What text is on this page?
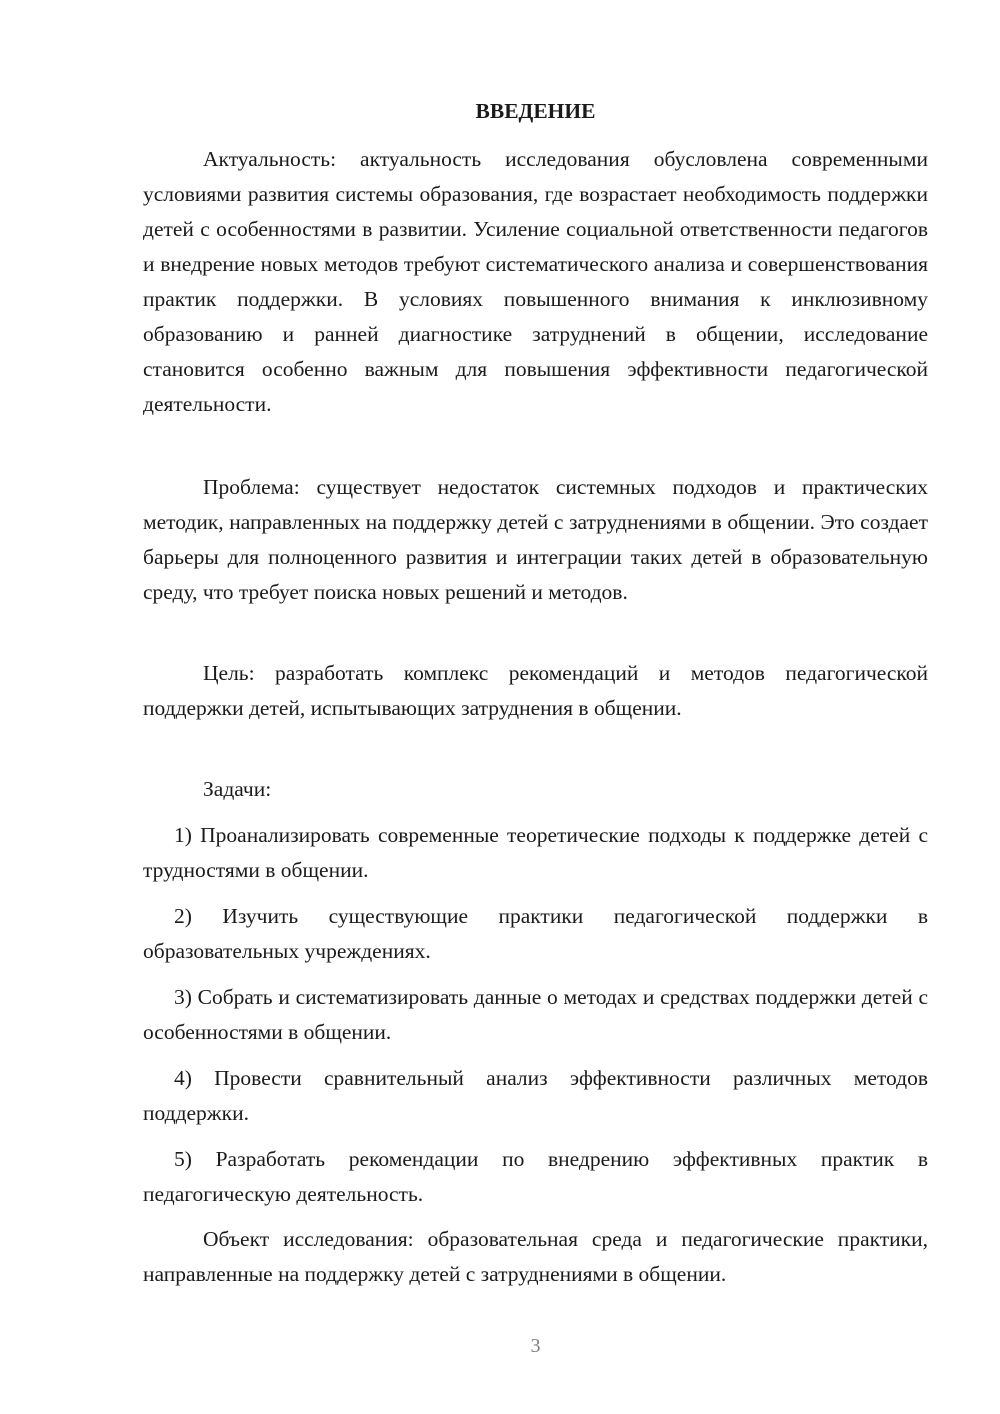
ВВЕДЕНИЕ

Актуальность: актуальность исследования обусловлена современными условиями развития системы образования, где возрастает необходимость поддержки детей с особенностями в развитии. Усиление социальной ответственности педагогов и внедрение новых методов требуют систематического анализа и совершенствования практик поддержки. В условиях повышенного внимания к инклюзивному образованию и ранней диагностике затруднений в общении, исследование становится особенно важным для повышения эффективности педагогической деятельности.

Проблема: существует недостаток системных подходов и практических методик, направленных на поддержку детей с затруднениями в общении. Это создает барьеры для полноценного развития и интеграции таких детей в образовательную среду, что требует поиска новых решений и методов.

Цель: разработать комплекс рекомендаций и методов педагогической поддержки детей, испытывающих затруднения в общении.

Задачи:

1) Проанализировать современные теоретические подходы к поддержке детей с трудностями в общении.

2) Изучить существующие практики педагогической поддержки в образовательных учреждениях.

3) Собрать и систематизировать данные о методах и средствах поддержки детей с особенностями в общении.

4) Провести сравнительный анализ эффективности различных методов поддержки.

5) Разработать рекомендации по внедрению эффективных практик в педагогическую деятельность.

Объект исследования: образовательная среда и педагогические практики, направленные на поддержку детей с затруднениями в общении.

3
